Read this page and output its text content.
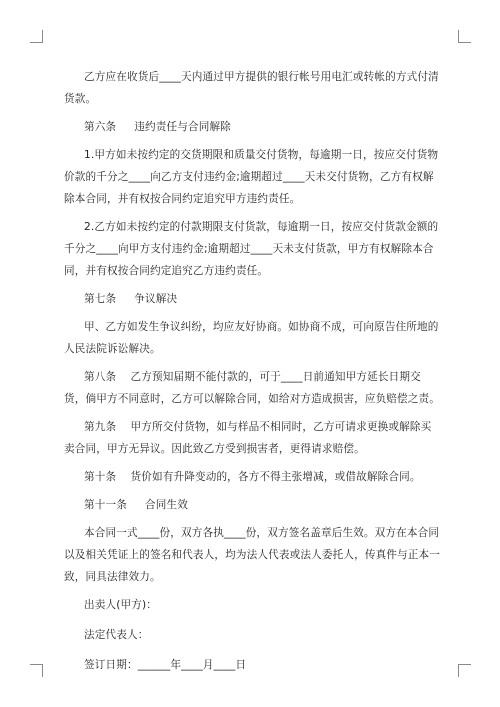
乙方应在收货后____天内通过甲方提供的银行帐号用电汇或转帐的方式付清货款。

第六条 违约责任与合同解除

1.甲方如未按约定的交货期限和质量交付货物，每逾期一日，按应交付货物价款的千分之____向乙方支付违约金;逾期超过____天未交付货物，乙方有权解除本合同，并有权按合同约定追究甲方违约责任。

2.乙方如未按约定的付款期限支付货款，每逾期一日，按应交付货款金额的千分之____向甲方支付违约金;逾期超过____天未支付货款，甲方有权解除本合同，并有权按合同约定追究乙方违约责任。

第七条 争议解决

甲、乙方如发生争议纠纷，均应友好协商。如协商不成，可向原告住所地的人民法院诉讼解决。

第八条　 乙方预知届期不能付款的，可于____日前通知甲方延长日期交货，倘甲方不同意时，乙方可以解除合同，如给对方造成损害，应负赔偿之责。

第九条　 甲方所交付货物，如与样品不相同时，乙方可请求更换或解除买卖合同，甲方无异议。因此致乙方受到损害者，更得请求赔偿。

第十条　 货价如有升降变动的，各方不得主张增减，或借故解除合同。

第十一条 合同生效

本合同一式____份，双方各执____份，双方签名盖章后生效。双方在本合同以及相关凭证上的签名和代表人，均为法人代表或法人委托人，传真件与正本一致，同具法律效力。

出卖人(甲方)：

法定代表人：

签订日期：______年____月____日
